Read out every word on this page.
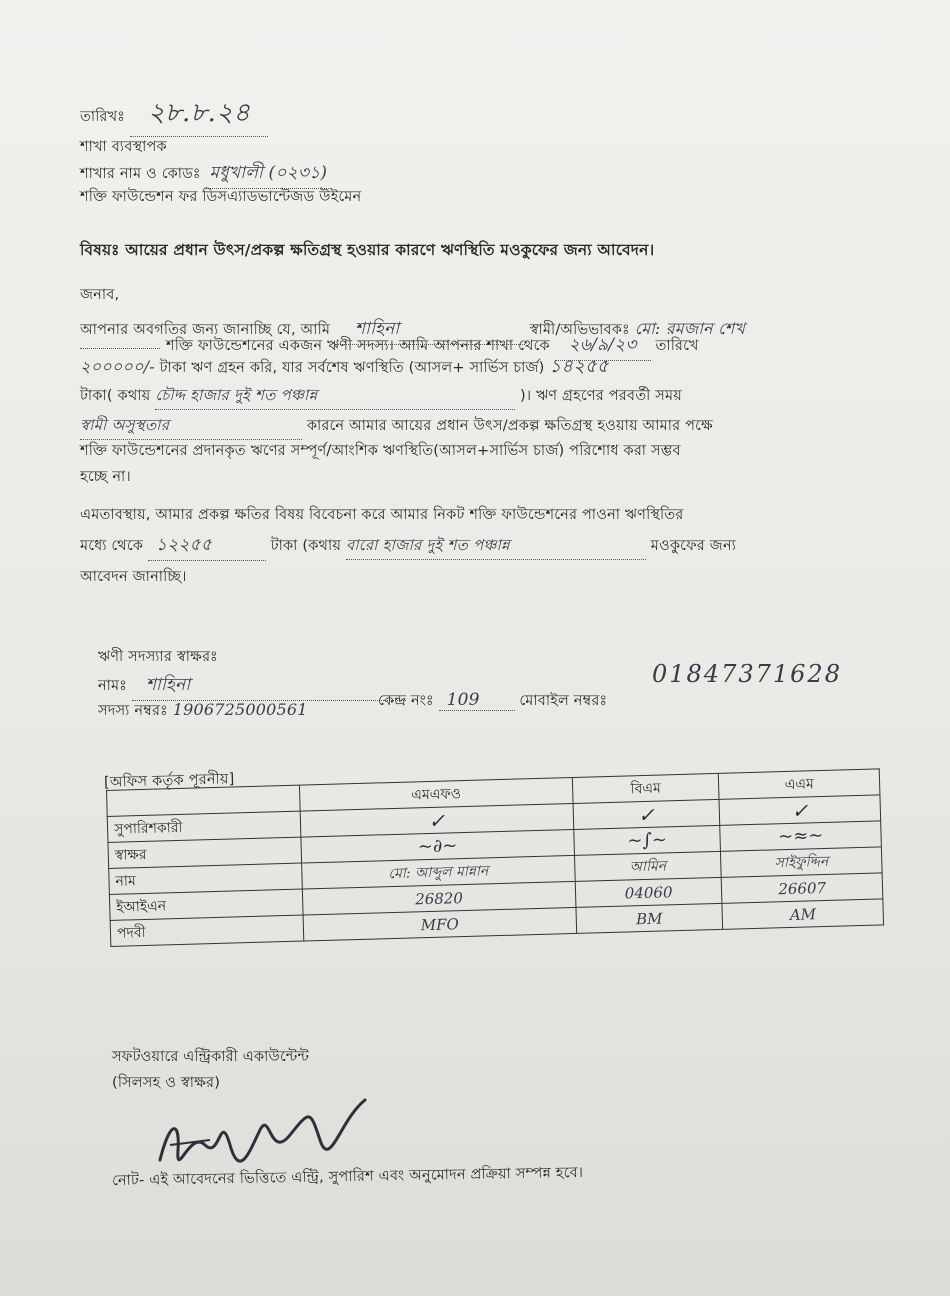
তারিখঃ ২৮.৮.২৪
শাখা ব্যবস্থাপক
শাখার নাম ও কোডঃ মধুখালী (০২৩১)
শক্তি ফাউন্ডেশন ফর ডিসএ্যাডভান্টেজড উইমেন
বিষয়ঃ আয়ের প্রধান উৎস/প্রকল্প ক্ষতিগ্রস্থ হওয়ার কারণে ঋণস্থিতি মওকুফের জন্য আবেদন।
জনাব,
আপনার অবগতির জন্য জানাচ্ছি যে, আমি শাহিনা	স্বামী/অভিভাবকঃ মো: রমজান শেখ
শক্তি ফাউন্ডেশনের একজন ঋণী সদস্য। আমি আপনার শাখা থেকে ২৬/৯/২৩ তারিখে
২০০০০০/- টাকা ঋণ গ্রহন করি, যার সর্বশেষ ঋণস্থিতি (আসল+ সার্ভিস চার্জ) ১৪২৫৫
টাকা( কথায় চৌদ্দ হাজার দুই শত পঞ্চান্ন	)। ঋণ গ্রহণের পরবর্তী সময়
স্বামী অসুস্থতার	কারনে আমার আয়ের প্রধান উৎস/প্রকল্প ক্ষতিগ্রস্থ হওয়ায় আমার পক্ষে
শক্তি ফাউন্ডেশনের প্রদানকৃত ঋণের সম্পূর্ণ/আংশিক ঋণস্থিতি(আসল+সার্ভিস চার্জ) পরিশোধ করা সম্ভব
হচ্ছে না।
এমতাবস্থায়, আমার প্রকল্প ক্ষতির বিষয় বিবেচনা করে আমার নিকট শক্তি ফাউন্ডেশনের পাওনা ঋণস্থিতির
মধ্যে থেকে ১২২৫৫	টাকা (কথায় বারো হাজার দুই শত পঞ্চান্ন	মওকুফের জন্য
আবেদন জানাচ্ছি।
ঋণী সদস্যার স্বাক্ষরঃ
নামঃ শাহিনা
সদস্য নম্বরঃ 1906725000561	কেন্দ্র নংঃ 109	মোবাইল নম্বরঃ
01847371628
[অফিস কর্তৃক পূরনীয়]
	এমএফও	বিএম	এএম
সুপারিশকারী	✓	✓	✓
স্বাক্ষর	~∂~	~∫~	~≈~
নাম	মো: আব্দুল মান্নান	আমিন	সাইফুদ্দিন
ইআইএন	26820	04060	26607
পদবী	MFO	BM	AM
সফটওয়ারে এন্ট্রিকারী একাউন্টেন্ট
(সিলসহ ও স্বাক্ষর)
নোট- এই আবেদনের ভিত্তিতে এন্ট্রি, সুপারিশ এবং অনুমোদন প্রক্রিয়া সম্পন্ন হবে।
